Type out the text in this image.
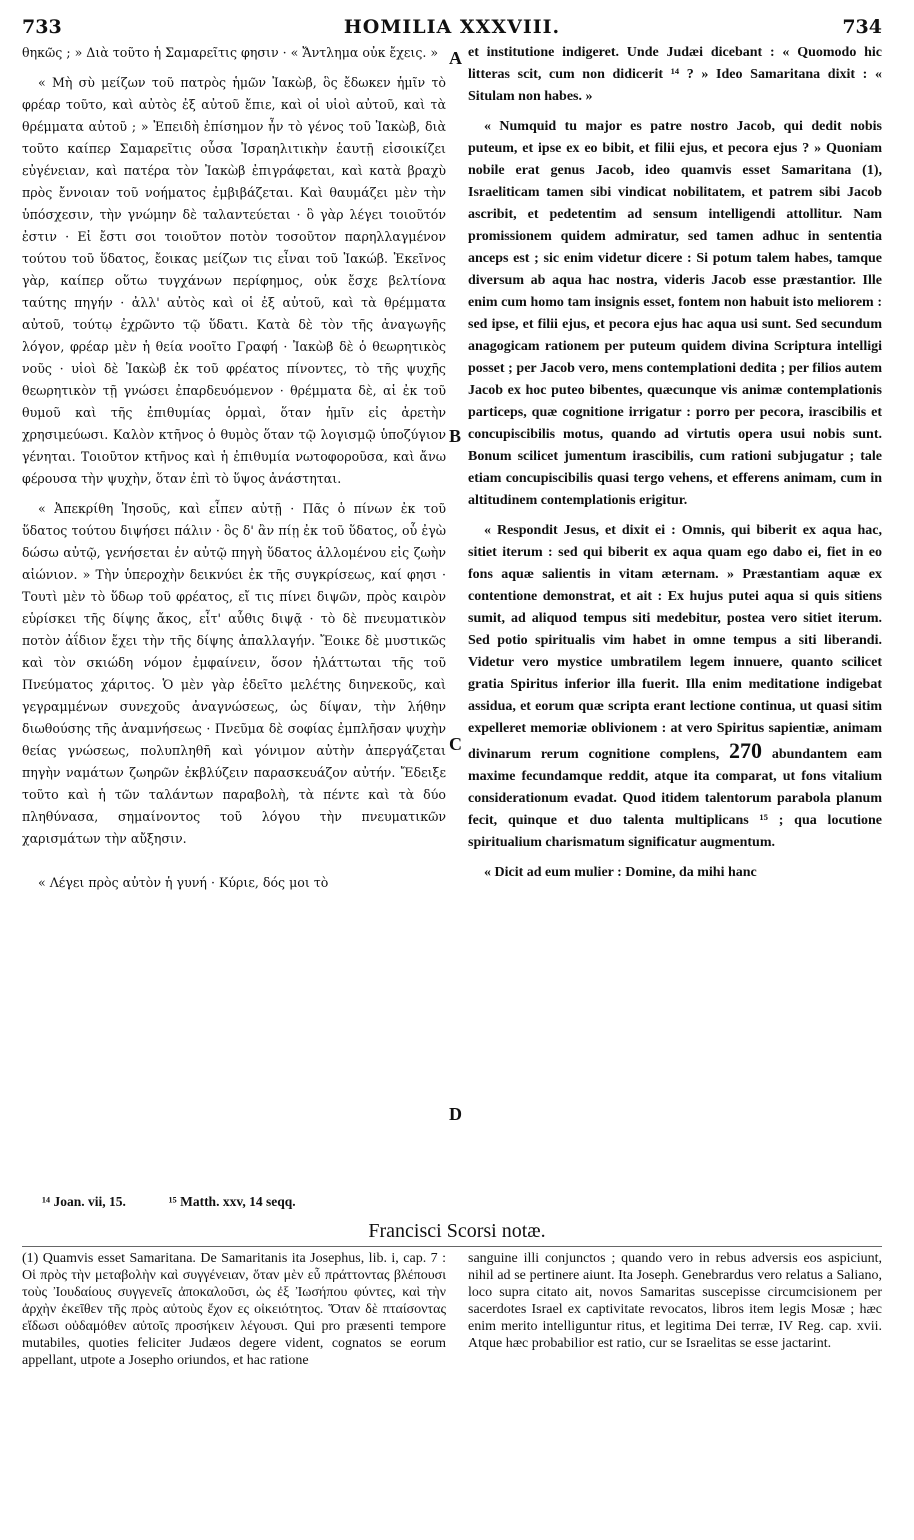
733	HOMILIA XXXVIII.	734

θηκῶς ; » Διὰ τοῦτο ἡ Σαμαρεῖτις φησιν · « Ἄντλημα οὐκ ἔχεις. »

« Μὴ σὺ μείζων τοῦ πατρὸς ἡμῶν Ἰακὼβ, ὃς ἔδωκεν ἡμῖν τὸ φρέαρ τοῦτο, καὶ αὐτὸς ἐξ αὐτοῦ ἔπιε, καὶ οἱ υἱοὶ αὐτοῦ, καὶ τὰ θρέμματα αὐτοῦ ; » Ἐπειδὴ ἐπίσημον ἦν τὸ γένος τοῦ Ἰακὼβ, διὰ τοῦτο καίπερ Σαμαρεῖτις οὖσα Ἰσραηλιτικὴν ἑαυτῇ εἰσοικίζει εὐγένειαν, καὶ πατέρα τὸν Ἰακὼβ ἐπιγράφεται, καὶ κατὰ βραχὺ πρὸς ἔννοιαν τοῦ νοήματος ἐμβιβάζεται. Καὶ θαυμάζει μὲν τὴν ὑπόσχεσιν, τὴν γνώμην δὲ ταλαντεύεται · ὃ γὰρ λέγει τοιοῦτόν ἐστιν · Εἰ ἔστι σοι τοιοῦτον ποτὸν τοσοῦτον παρηλλαγμένον τούτου τοῦ ὕδατος, ἔοικας μείζων τις εἶναι τοῦ Ἰακώβ. Ἐκεῖνος γὰρ, καίπερ οὕτω τυγχάνων περίφημος, οὐκ ἔσχε βελτίονα ταύτης πηγήν · ἀλλ' αὐτὸς καὶ οἱ ἐξ αὐτοῦ, καὶ τὰ θρέμματα αὐτοῦ, τούτῳ ἐχρῶντο τῷ ὕδατι. Κατὰ δὲ τὸν τῆς ἀναγωγῆς λόγον, φρέαρ μὲν ἡ θεία νοοῖτο Γραφή · Ἰακὼβ δὲ ὁ θεωρητικὸς νοῦς · υἱοὶ δὲ Ἰακὼβ ἐκ τοῦ φρέατος πίνοντες, τὸ τῆς ψυχῆς θεωρητικὸν τῇ γνώσει ἐπαρδευόμενον · θρέμματα δὲ, αἱ ἐκ τοῦ θυμοῦ καὶ τῆς ἐπιθυμίας ὁρμαὶ, ὅταν ἡμῖν εἰς ἀρετὴν χρησιμεύωσι. Καλὸν κτῆνος ὁ θυμὸς ὅταν τῷ λογισμῷ ὑποζύγιον γένηται. Τοιοῦτον κτῆνος καὶ ἡ ἐπιθυμία νωτοφοροῦσα, καὶ ἄνω φέρουσα τὴν ψυχὴν, ὅταν ἐπὶ τὸ ὕψος ἀνάστηται.

« Ἀπεκρίθη Ἰησοῦς, καὶ εἶπεν αὐτῇ · Πᾶς ὁ πίνων ἐκ τοῦ ὕδατος τούτου διψήσει πάλιν · ὃς δ' ἂν πίῃ ἐκ τοῦ ὕδατος, οὗ ἐγὼ δώσω αὐτῷ, γενήσεται ἐν αὐτῷ πηγὴ ὕδατος ἁλλομένου εἰς ζωὴν αἰώνιον. » Τὴν ὑπεροχὴν δεικνύει ἐκ τῆς συγκρίσεως, καί φησι · Τουτὶ μὲν τὸ ὕδωρ τοῦ φρέατος, εἴ τις πίνει διψῶν, πρὸς καιρὸν εὑρίσκει τῆς δίψης ἄκος, εἶτ' αὖθις διψᾷ · τὸ δὲ πνευματικὸν ποτὸν ἀΐδιον ἔχει τὴν τῆς δίψης ἀπαλλαγήν. Ἔοικε δὲ μυστικῶς καὶ τὸν σκιώδη νόμον ἐμφαίνειν, ὅσον ἠλάττωται τῆς τοῦ Πνεύματος χάριτος. Ὁ μὲν γὰρ ἐδεῖτο μελέτης διηνεκοῦς, καὶ γεγραμμένων συνεχοῦς ἀναγνώσεως, ὡς δίψαν, τὴν λήθην διωθούσης τῆς ἀναμνήσεως · Πνεῦμα δὲ σοφίας ἐμπλῆσαν ψυχὴν θείας γνώσεως, πολυπληθῆ καὶ γόνιμον αὐτὴν ἀπεργάζεται πηγὴν ναμάτων ζωηρῶν ἐκβλύζειν παρασκευάζον αὐτήν. Ἔδειξε τοῦτο καὶ ἡ τῶν ταλάντων παραβολὴ, τὰ πέντε καὶ τὰ δύο πληθύνασα, σημαίνοντος τοῦ λόγου τὴν πνευματικῶν χαρισμάτων τὴν αὔξησιν.

« Λέγει πρὸς αὐτὸν ἡ γυνή · Κύριε, δός μοι τὸ

A
B
C
D

et institutione indigeret. Unde Judæi dicebant : « Quomodo hic litteras scit, cum non didicerit ¹⁴ ? » Ideo Samaritana dixit : « Situlam non habes. »

« Numquid tu major es patre nostro Jacob, qui dedit nobis puteum, et ipse ex eo bibit, et filii ejus, et pecora ejus ? » Quoniam nobile erat genus Jacob, ideo quamvis esset Samaritana (1), Israeliticam tamen sibi vindicat nobilitatem, et patrem sibi Jacob ascribit, et pedetentim ad sensum intelligendi attollitur. Nam promissionem quidem admiratur, sed tamen adhuc in sententia anceps est ; sic enim videtur dicere : Si potum talem habes, tamque diversum ab aqua hac nostra, videris Jacob esse præstantior. Ille enim cum homo tam insignis esset, fontem non habuit isto meliorem : sed ipse, et filii ejus, et pecora ejus hac aqua usi sunt. Sed secundum anagogicam rationem per puteum quidem divina Scriptura intelligi posset ; per Jacob vero, mens contemplationi dedita ; per filios autem Jacob ex hoc puteo bibentes, quæcunque vis animæ contemplationis particeps, quæ cognitione irrigatur : porro per pecora, irascibilis et concupiscibilis motus, quando ad virtutis opera usui nobis sunt. Bonum scilicet jumentum irascibilis, cum rationi subjugatur ; tale etiam concupiscibilis quasi tergo vehens, et efferens animam, cum in altitudinem contemplationis erigitur.

« Respondit Jesus, et dixit ei : Omnis, qui biberit ex aqua hac, sitiet iterum : sed qui biberit ex aqua quam ego dabo ei, fiet in eo fons aquæ salientis in vitam æternam. » Præstantiam aquæ ex contentione demonstrat, et ait : Ex hujus putei aqua si quis sitiens sumit, ad aliquod tempus siti medebitur, postea vero sitiet iterum. Sed potio spiritualis vim habet in omne tempus a siti liberandi. Videtur vero mystice umbratilem legem innuere, quanto scilicet gratia Spiritus inferior illa fuerit. Illa enim meditatione indigebat assidua, et eorum quæ scripta erant lectione continua, ut quasi sitim expelleret memoriæ oblivionem : at vero Spiritus sapientiæ, animam divinarum rerum cognitione complens, 270 abundantem eam maxime fecundamque reddit, atque ita comparat, ut fons vitalium considerationum evadat. Quod itidem talentorum parabola planum fecit, quinque et duo talenta multiplicans ¹⁵ ; qua locutione spiritualium charismatum significatur augmentum.

« Dicit ad eum mulier : Domine, da mihi hanc

¹⁴ Joan. vii, 15.	¹⁵ Matth. xxv, 14 seqq.
Francisci Scorsi notæ.
(1) Quamvis esset Samaritana. De Samaritanis ita Josephus, lib. i, cap. 7 : Οἱ πρὸς τὴν μεταβολὴν καὶ συγγένειαν, ὅταν μὲν εὖ πράττοντας βλέπουσι τοὺς Ἰουδαίους συγγενεῖς ἀποκαλοῦσι, ὡς ἐξ Ἰωσήπου φύντες, καὶ τὴν ἀρχὴν ἐκεῖθεν τῆς πρὸς αὐτοὺς ἔχον ες οἰκειότητος. Ὅταν δὲ πταίσοντας εἴδωσι οὐδαμόθεν αὐτοῖς προσήκειν λέγουσι. Qui pro præsenti tempore mutabiles, quoties feliciter Judæos degere vident, cognatos se eorum appellant, utpote a Josepho oriundos, et hac ratione
sanguine illi conjunctos ; quando vero in rebus adversis eos aspiciunt, nihil ad se pertinere aiunt. Ita Joseph. Genebrardus vero relatus a Saliano, loco supra citato ait, novos Samaritas suscepisse circumcisionem per sacerdotes Israel ex captivitate revocatos, libros item legis Mosæ ; hæc enim merito intelliguntur ritus, et legitima Dei terræ, IV Reg. cap. xvii. Atque hæc probabilior est ratio, cur se Israelitas se esse jactarint.
